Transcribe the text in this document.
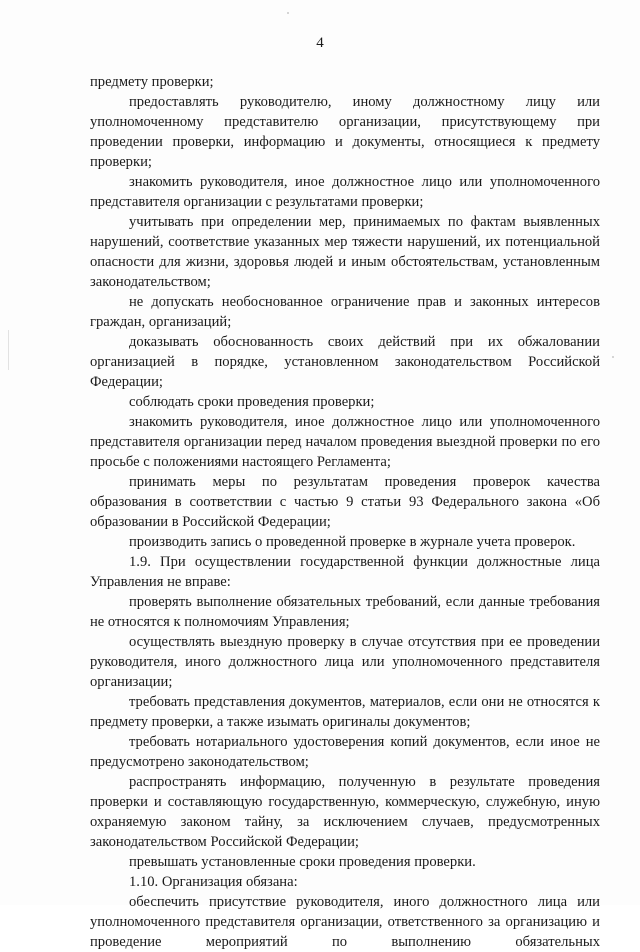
4

предмету проверки;

предоставлять руководителю, иному должностному лицу или уполномоченному представителю организации, присутствующему при проведении проверки, информацию и документы, относящиеся к предмету проверки;

знакомить руководителя, иное должностное лицо или уполномоченного представителя организации с результатами проверки;

учитывать при определении мер, принимаемых по фактам выявленных нарушений, соответствие указанных мер тяжести нарушений, их потенциальной опасности для жизни, здоровья людей и иным обстоятельствам, установленным законодательством;

не допускать необоснованное ограничение прав и законных интересов граждан, организаций;

доказывать обоснованность своих действий при их обжаловании организацией в порядке, установленном законодательством Российской Федерации;

соблюдать сроки проведения проверки;

знакомить руководителя, иное должностное лицо или уполномоченного представителя организации перед началом проведения выездной проверки по его просьбе с положениями настоящего Регламента;

принимать меры по результатам проведения проверок качества образования в соответствии с частью 9 статьи 93 Федерального закона «Об образовании в Российской Федерации;

производить запись о проведенной проверке в журнале учета проверок.

1.9. При осуществлении государственной функции должностные лица Управления не вправе:

проверять выполнение обязательных требований, если данные требования не относятся к полномочиям Управления;

осуществлять выездную проверку в случае отсутствия при ее проведении руководителя, иного должностного лица или уполномоченного представителя организации;

требовать представления документов, материалов, если они не относятся к предмету проверки, а также изымать оригиналы документов;

требовать нотариального удостоверения копий документов, если иное не предусмотрено законодательством;

распространять информацию, полученную в результате проведения проверки и составляющую государственную, коммерческую, служебную, иную охраняемую законом тайну, за исключением случаев, предусмотренных законодательством Российской Федерации;

превышать установленные сроки проведения проверки.

1.10. Организация обязана:

обеспечить присутствие руководителя, иного должностного лица или уполномоченного представителя организации, ответственного за организацию и проведение мероприятий по выполнению обязательных
